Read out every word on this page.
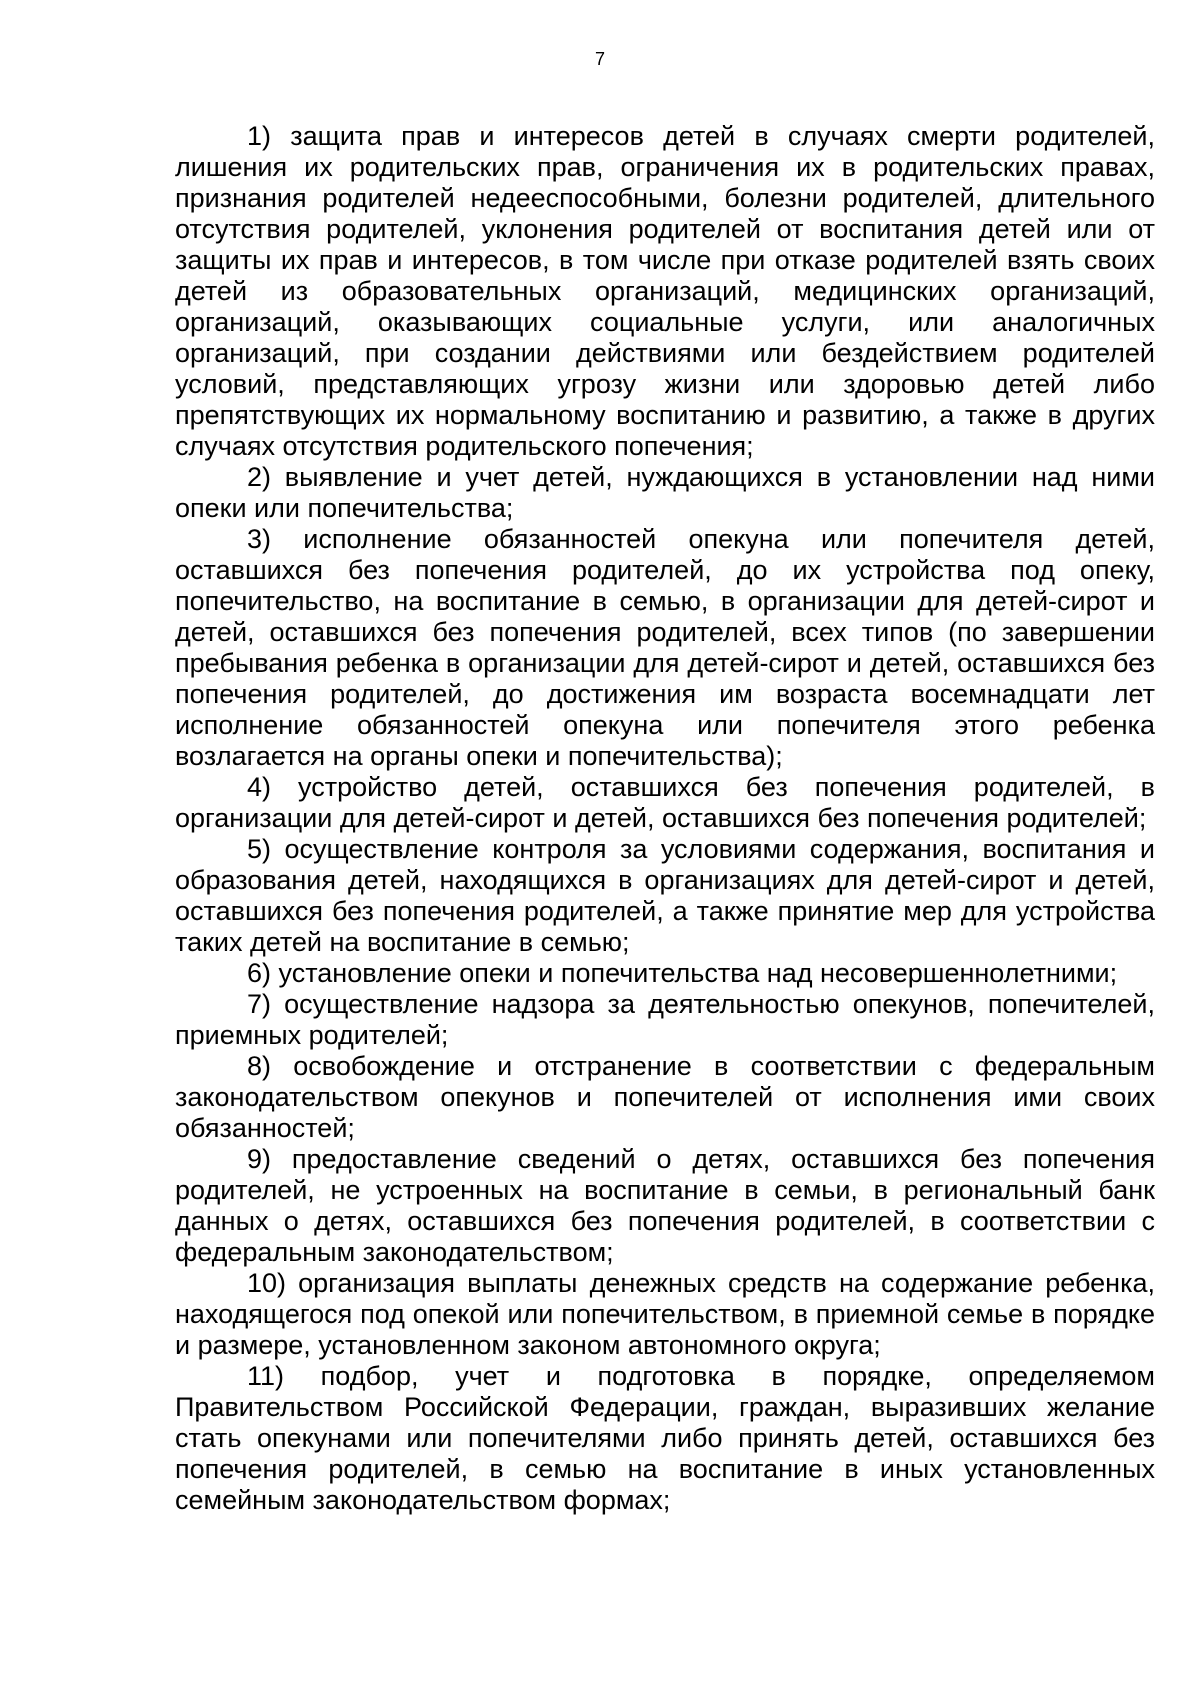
7

1) защита прав и интересов детей в случаях смерти родителей, лишения их родительских прав, ограничения их в родительских правах, признания родителей недееспособными, болезни родителей, длительного отсутствия родителей, уклонения родителей от воспитания детей или от защиты их прав и интересов, в том числе при отказе родителей взять своих детей из образовательных организаций, медицинских организаций, организаций, оказывающих социальные услуги, или аналогичных организаций, при создании действиями или бездействием родителей условий, представляющих угрозу жизни или здоровью детей либо препятствующих их нормальному воспитанию и развитию, а также в других случаях отсутствия родительского попечения;

2) выявление и учет детей, нуждающихся в установлении над ними опеки или попечительства;

3) исполнение обязанностей опекуна или попечителя детей, оставшихся без попечения родителей, до их устройства под опеку, попечительство, на воспитание в семью, в организации для детей-сирот и детей, оставшихся без попечения родителей, всех типов (по завершении пребывания ребенка в организации для детей-сирот и детей, оставшихся без попечения родителей, до достижения им возраста восемнадцати лет исполнение обязанностей опекуна или попечителя этого ребенка возлагается на органы опеки и попечительства);

4) устройство детей, оставшихся без попечения родителей, в организации для детей-сирот и детей, оставшихся без попечения родителей;

5) осуществление контроля за условиями содержания, воспитания и образования детей, находящихся в организациях для детей-сирот и детей, оставшихся без попечения родителей, а также принятие мер для устройства таких детей на воспитание в семью;

6) установление опеки и попечительства над несовершеннолетними;

7) осуществление надзора за деятельностью опекунов, попечителей, приемных родителей;

8) освобождение и отстранение в соответствии с федеральным законодательством опекунов и попечителей от исполнения ими своих обязанностей;

9) предоставление сведений о детях, оставшихся без попечения родителей, не устроенных на воспитание в семьи, в региональный банк данных о детях, оставшихся без попечения родителей, в соответствии с федеральным законодательством;

10) организация выплаты денежных средств на содержание ребенка, находящегося под опекой или попечительством, в приемной семье в порядке и размере, установленном законом автономного округа;

11) подбор, учет и подготовка в порядке, определяемом Правительством Российской Федерации, граждан, выразивших желание стать опекунами или попечителями либо принять детей, оставшихся без попечения родителей, в семью на воспитание в иных установленных семейным законодательством формах;
